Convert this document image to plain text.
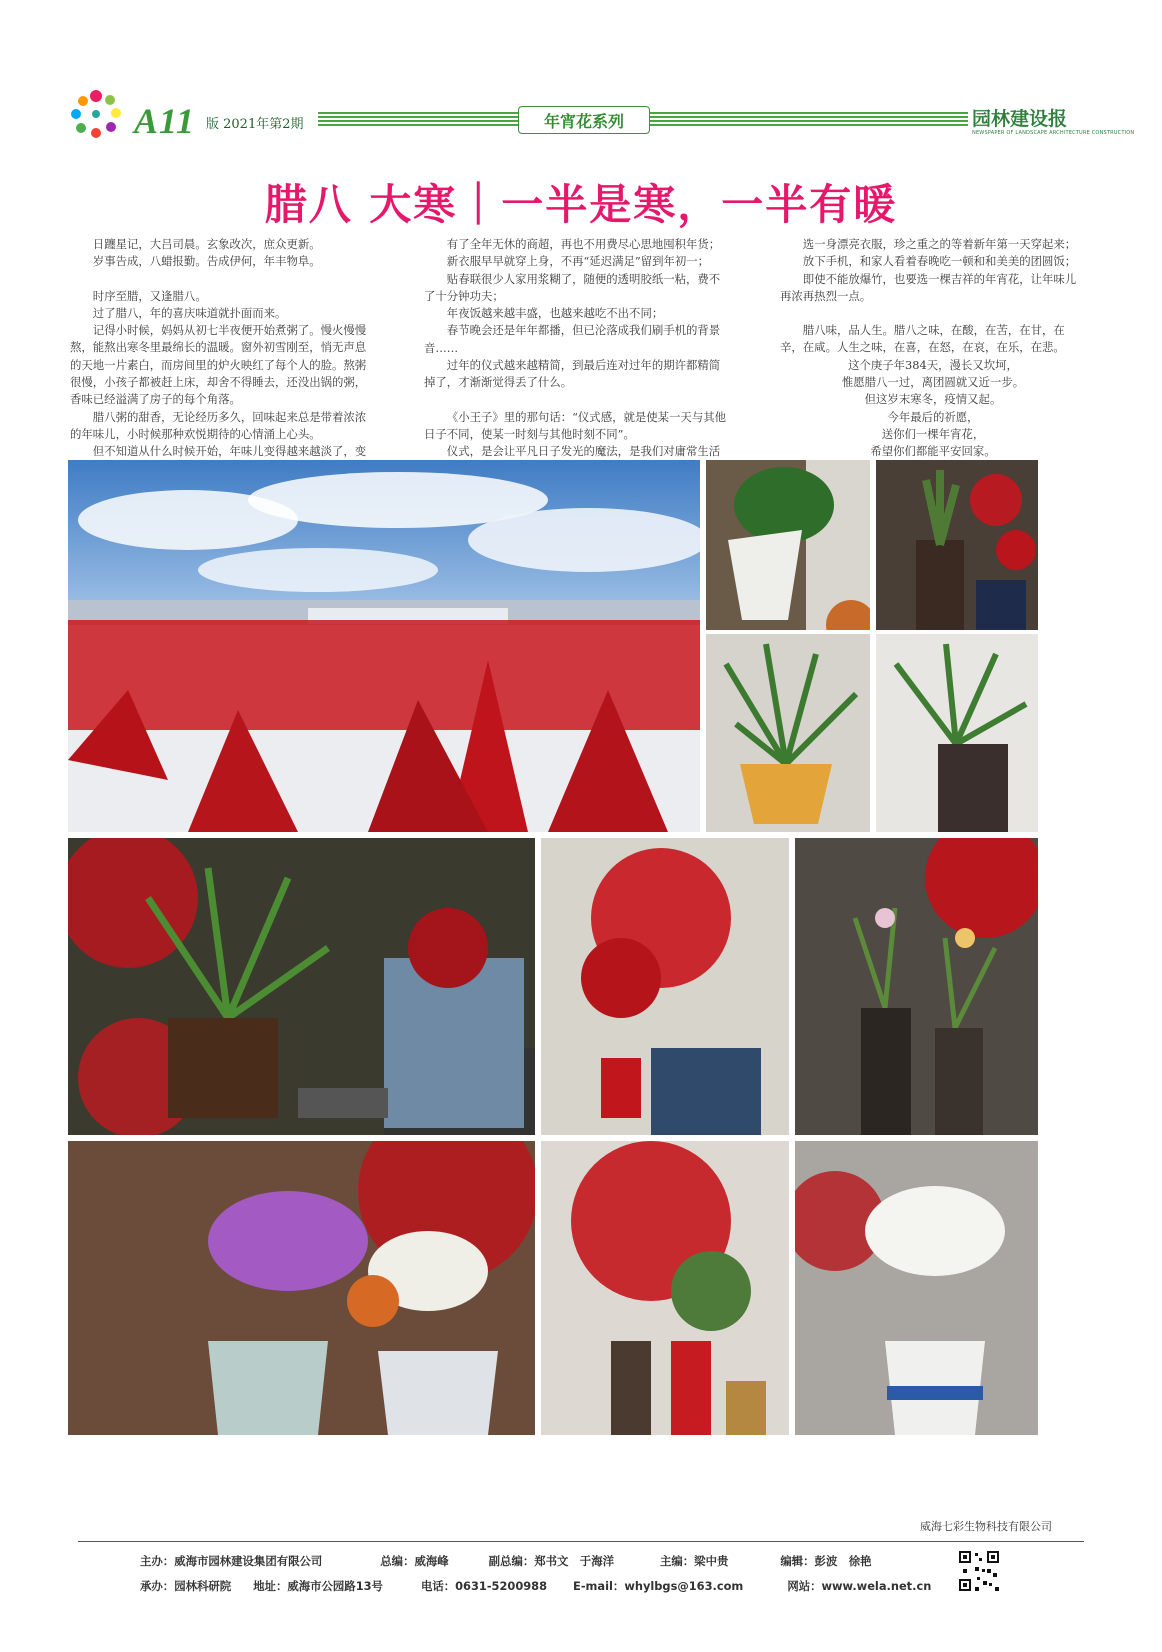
A11 版 2021年第2期	年宵花系列	园林建设报
NEWSPAPER OF LANDSCAPE ARCHITECTURE CONSTRUCTION
腊八 大寒｜一半是寒，一半有暖

日躔星记，大吕司晨。玄象改次，庶众更新。

岁事告成，八蜡报勤。告成伊何，年丰物阜。

时序至腊，又逢腊八。

过了腊八，年的喜庆味道就扑面而来。

记得小时候，妈妈从初七半夜便开始煮粥了。慢火慢慢熬，能熬出寒冬里最绵长的温暖。窗外初雪刚至，悄无声息的天地一片素白，而房间里的炉火映红了每个人的脸。熬粥很慢，小孩子都被赶上床，却舍不得睡去，还没出锅的粥，香味已经溢满了房子的每个角落。

腊八粥的甜香，无论经历多久，回味起来总是带着浓浓的年味儿，小时候那种欢悦期待的心情涌上心头。

但不知道从什么时候开始，年味儿变得越来越淡了，变

有了全年无休的商超，再也不用费尽心思地囤积年货；

新衣服早早就穿上身，不再“延迟满足”留到年初一；

贴春联很少人家用浆糊了，随便的透明胶纸一粘，费不了十分钟功夫；

年夜饭越来越丰盛，也越来越吃不出不同；

春节晚会还是年年都播，但已沦落成我们刷手机的背景音……

过年的仪式越来越精简，到最后连对过年的期许都精简掉了，才渐渐觉得丢了什么。

《小王子》里的那句话：“仪式感，就是使某一天与其他日子不同，使某一时刻与其他时刻不同”。

仪式，是会让平凡日子发光的魔法，是我们对庸常生活

选一身漂亮衣服，珍之重之的等着新年第一天穿起来；

放下手机，和家人看着春晚吃一顿和和美美的团圆饭；

即使不能放爆竹，也要选一棵吉祥的年宵花，让年味儿再浓再热烈一点。

腊八味，品人生。腊八之味，在酸，在苦，在甘，在辛，在咸。人生之味，在喜，在怒，在哀，在乐，在悲。

这个庚子年384天，漫长又坎坷，

惟愿腊八一过，离团圆就又近一步。

但这岁末寒冬，疫情又起。

今年最后的祈愿，

送你们一棵年宵花，

希望你们都能平安回家。

威海七彩生物科技有限公司
主办：威海市园林建设集团有限公司	总编：威海峰	副总编：郑书文　于海洋	主编：梁中贵	编辑：彭波　徐艳
承办：园林科研院 地址：威海市公园路13号	电话：0631-5200988 E-mail：whylbgs@163.com	网站：www.wela.net.cn
